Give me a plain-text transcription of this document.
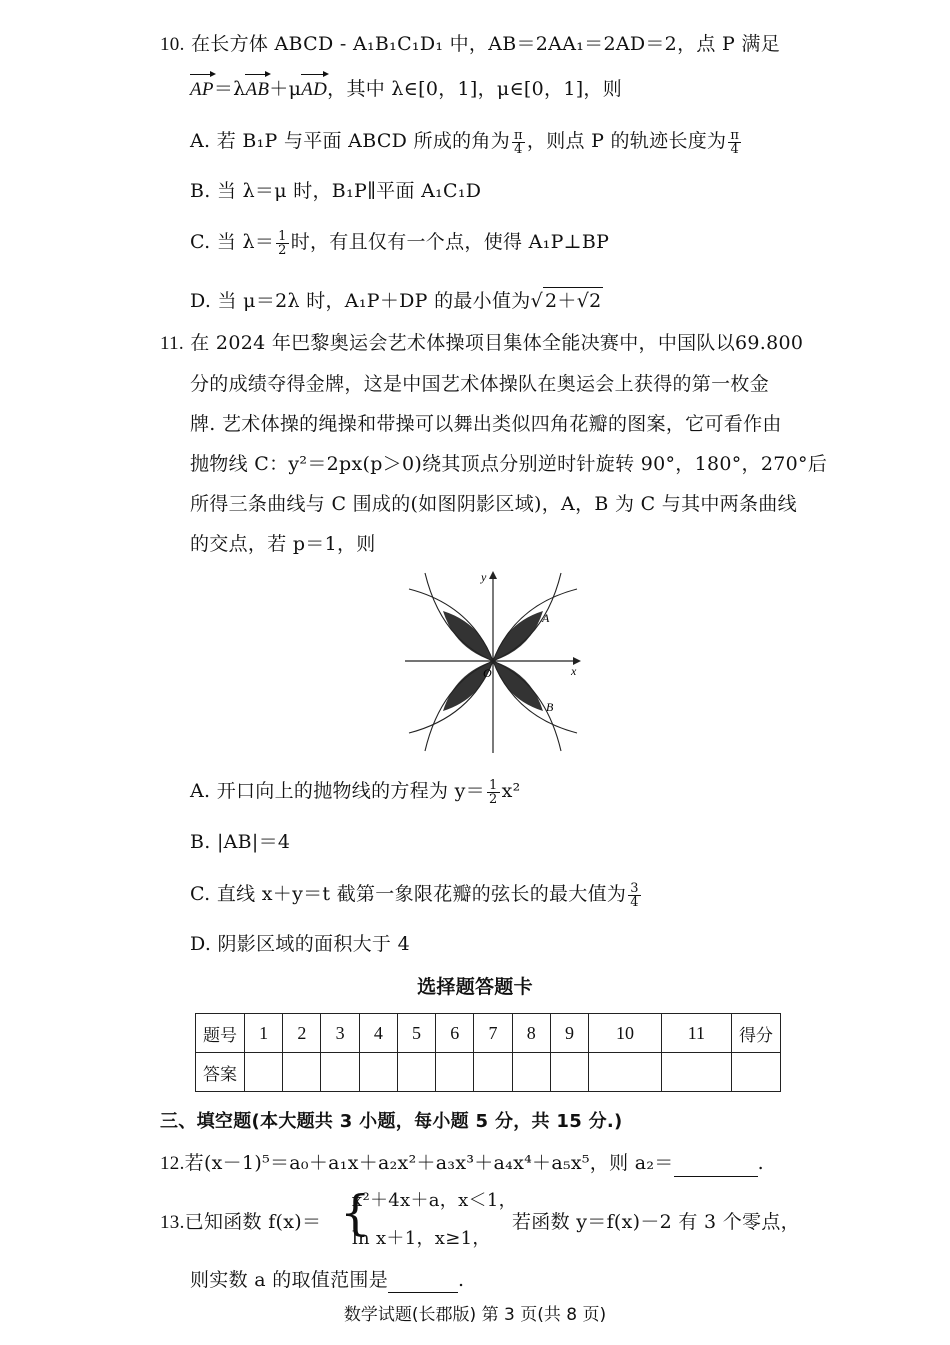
10. 在长方体 ABCD - A₁B₁C₁D₁ 中，AB＝2AA₁＝2AD＝2，点 P 满足
AP＝λAB＋μAD，其中 λ∈[0，1]，μ∈[0，1]，则
A. 若 B₁P 与平面 ABCD 所成的角为 $\frac{\pi}{4}$ ，则点 P 的轨迹长度为 $\frac{\pi}{4}$
B. 当 λ＝μ 时，B₁P∥平面 A₁C₁D
C. 当 $\lambda= \frac{1}{2}$ 时，有且仅有一个点，使得 A₁P⊥BP
D. 当 μ＝2λ 时，A₁P＋DP 的最小值为√ 2＋√2
11. 在 2024 年巴黎奥运会艺术体操项目集体全能决赛中，中国队以69.800
分的成绩夺得金牌，这是中国艺术体操队在奥运会上获得的第一枚金
牌. 艺术体操的绳操和带操可以舞出类似四角花瓣的图案，它可看作由
抛物线 C：y²＝2px(p＞0)绕其顶点分别逆时针旋转 90°，180°，270°后
所得三条曲线与 C 围成的(如图阴影区域)，A，B 为 C 与其中两条曲线
的交点，若 p＝1，则
y
x
O
A
B
A. 开口向上的抛物线的方程为 $y= \frac{1}{2} x^2$
B. |AB|＝4
C. 直线 x＋y＝t 截第一象限花瓣的弦长的最大值为 $\frac{3}{4}$
D. 阴影区域的面积大于 4
选择题答题卡
题号	1	2	3	4	5	6	7	8	9	10	11	得分
答案												
三、填空题(本大题共 3 小题，每小题 5 分，共 15 分.)
12.若(x－1)⁵＝a₀＋a₁x＋a₂x²＋a₃x³＋a₄x⁴＋a₅x⁵，则 a₂＝	.
13.已知函数 f(x)＝ {
x²＋4x＋a，x＜1，
ln x＋1，x≥1，
若函数 y＝f(x)－2 有 3 个零点，
则实数 a 的取值范围是	.
数学试题(长郡版) 第 3 页(共 8 页)
